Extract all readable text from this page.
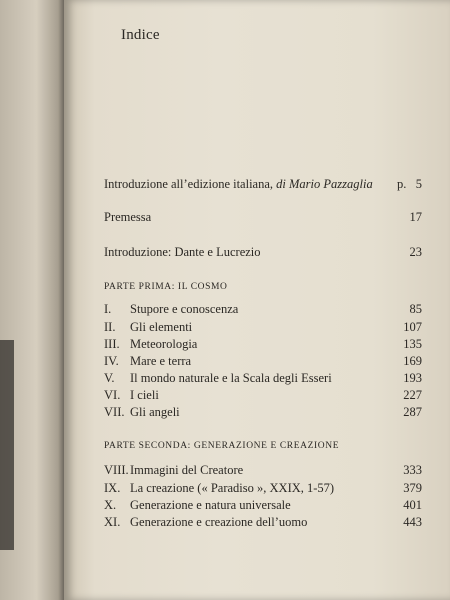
Indice
Introduzione all’edizione italiana, di Mario Pazzaglia p. 5
Premessa	17
Introduzione: Dante e Lucrezio	23
PARTE PRIMA: IL COSMO
I. Stupore e conoscenza	85
II. Gli elementi	107
III. Meteorologia	135
IV. Mare e terra	169
V. Il mondo naturale e la Scala degli Esseri	193
VI. I cieli	227
VII. Gli angeli	287
PARTE SECONDA: GENERAZIONE E CREAZIONE
VIII.Immagini del Creatore	333
IX. La creazione (« Paradiso », XXIX, 1-57)	379
X. Generazione e natura universale	401
XI. Generazione e creazione dell’uomo	443
